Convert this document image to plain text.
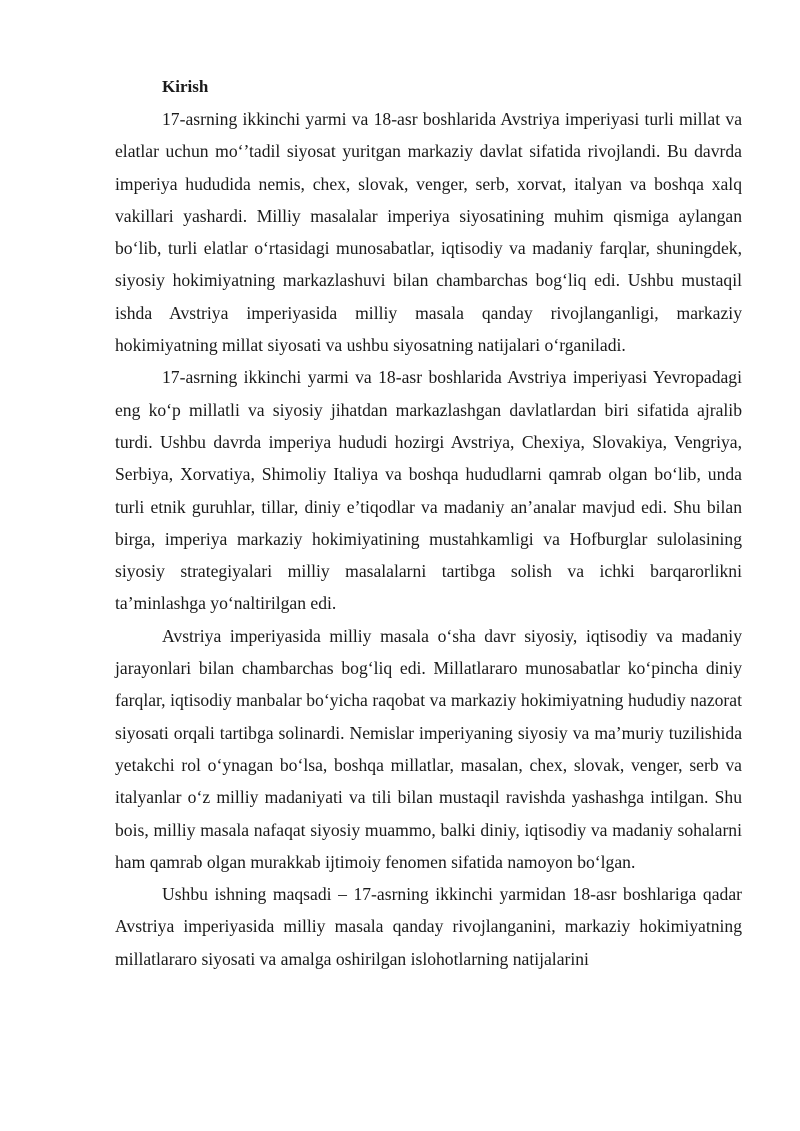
Kirish

17-asrning ikkinchi yarmi va 18-asr boshlarida Avstriya imperiyasi turli millat va elatlar uchun mo‘’tadil siyosat yuritgan markaziy davlat sifatida rivojlandi. Bu davrda imperiya hududida nemis, chex, slovak, venger, serb, xorvat, italyan va boshqa xalq vakillari yashardi. Milliy masalalar imperiya siyosatining muhim qismiga aylangan bo‘lib, turli elatlar o‘rtasidagi munosabatlar, iqtisodiy va madaniy farqlar, shuningdek, siyosiy hokimiyatning markazlashuvi bilan chambarchas bog‘liq edi. Ushbu mustaqil ishda Avstriya imperiyasida milliy masala qanday rivojlanganligi, markaziy hokimiyatning millat siyosati va ushbu siyosatning natijalari o‘rganiladi.

17-asrning ikkinchi yarmi va 18-asr boshlarida Avstriya imperiyasi Yevropadagi eng ko‘p millatli va siyosiy jihatdan markazlashgan davlatlardan biri sifatida ajralib turdi. Ushbu davrda imperiya hududi hozirgi Avstriya, Chexiya, Slovakiya, Vengriya, Serbiya, Xorvatiya, Shimoliy Italiya va boshqa hududlarni qamrab olgan bo‘lib, unda turli etnik guruhlar, tillar, diniy e’tiqodlar va madaniy an’analar mavjud edi. Shu bilan birga, imperiya markaziy hokimiyatining mustahkamligi va Hofburglar sulolasining siyosiy strategiyalari milliy masalalarni tartibga solish va ichki barqarorlikni ta’minlashga yo‘naltirilgan edi.

Avstriya imperiyasida milliy masala o‘sha davr siyosiy, iqtisodiy va madaniy jarayonlari bilan chambarchas bog‘liq edi. Millatlararo munosabatlar ko‘pincha diniy farqlar, iqtisodiy manbalar bo‘yicha raqobat va markaziy hokimiyatning hududiy nazorat siyosati orqali tartibga solinardi. Nemislar imperiyaning siyosiy va ma’muriy tuzilishida yetakchi rol o‘ynagan bo‘lsa, boshqa millatlar, masalan, chex, slovak, venger, serb va italyanlar o‘z milliy madaniyati va tili bilan mustaqil ravishda yashashga intilgan. Shu bois, milliy masala nafaqat siyosiy muammo, balki diniy, iqtisodiy va madaniy sohalarni ham qamrab olgan murakkab ijtimoiy fenomen sifatida namoyon bo‘lgan.

Ushbu ishning maqsadi – 17-asrning ikkinchi yarmidan 18-asr boshlariga qadar Avstriya imperiyasida milliy masala qanday rivojlanganini, markaziy hokimiyatning millatlararo siyosati va amalga oshirilgan islohotlarning natijalarini
